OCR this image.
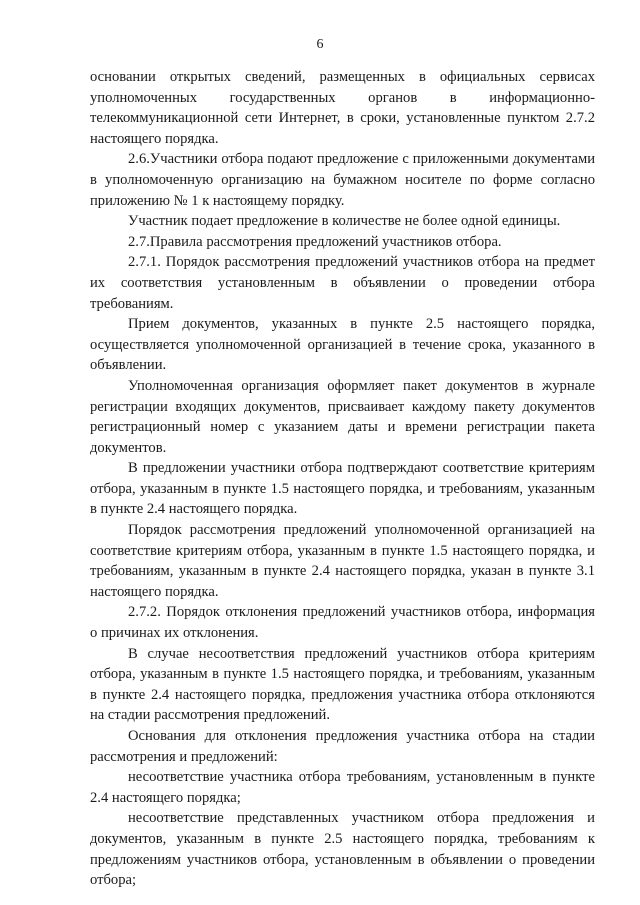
6

основании открытых сведений, размещенных в официальных сервисах уполномоченных государственных органов в информационно-телекоммуникационной сети Интернет, в сроки, установленные пунктом 2.7.2 настоящего порядка.

2.6.Участники отбора подают предложение с приложенными документами в уполномоченную организацию на бумажном носителе по форме согласно приложению № 1 к настоящему порядку.

Участник подает предложение в количестве не более одной единицы.

2.7.Правила рассмотрения предложений участников отбора.

2.7.1. Порядок рассмотрения предложений участников отбора на предмет их соответствия установленным в объявлении о проведении отбора требованиям.

Прием документов, указанных в пункте 2.5 настоящего порядка, осуществляется уполномоченной организацией в течение срока, указанного в объявлении.

Уполномоченная организация оформляет пакет документов в журнале регистрации входящих документов, присваивает каждому пакету документов регистрационный номер с указанием даты и времени регистрации пакета документов.

В предложении участники отбора подтверждают соответствие критериям отбора, указанным в пункте 1.5 настоящего порядка, и требованиям, указанным в пункте 2.4 настоящего порядка.

Порядок рассмотрения предложений уполномоченной организацией на соответствие критериям отбора, указанным в пункте 1.5 настоящего порядка, и требованиям, указанным в пункте 2.4 настоящего порядка, указан в пункте 3.1 настоящего порядка.

2.7.2. Порядок отклонения предложений участников отбора, информация о причинах их отклонения.

В случае несоответствия предложений участников отбора критериям отбора, указанным в пункте 1.5 настоящего порядка, и требованиям, указанным в пункте 2.4 настоящего порядка, предложения участника отбора отклоняются на стадии рассмотрения предложений.

Основания для отклонения предложения участника отбора на стадии рассмотрения и предложений:

несоответствие участника отбора требованиям, установленным в пункте 2.4 настоящего порядка;

несоответствие представленных участником отбора предложения и документов, указанным в пункте 2.5 настоящего порядка, требованиям к предложениям участников отбора, установленным в объявлении о проведении отбора;
